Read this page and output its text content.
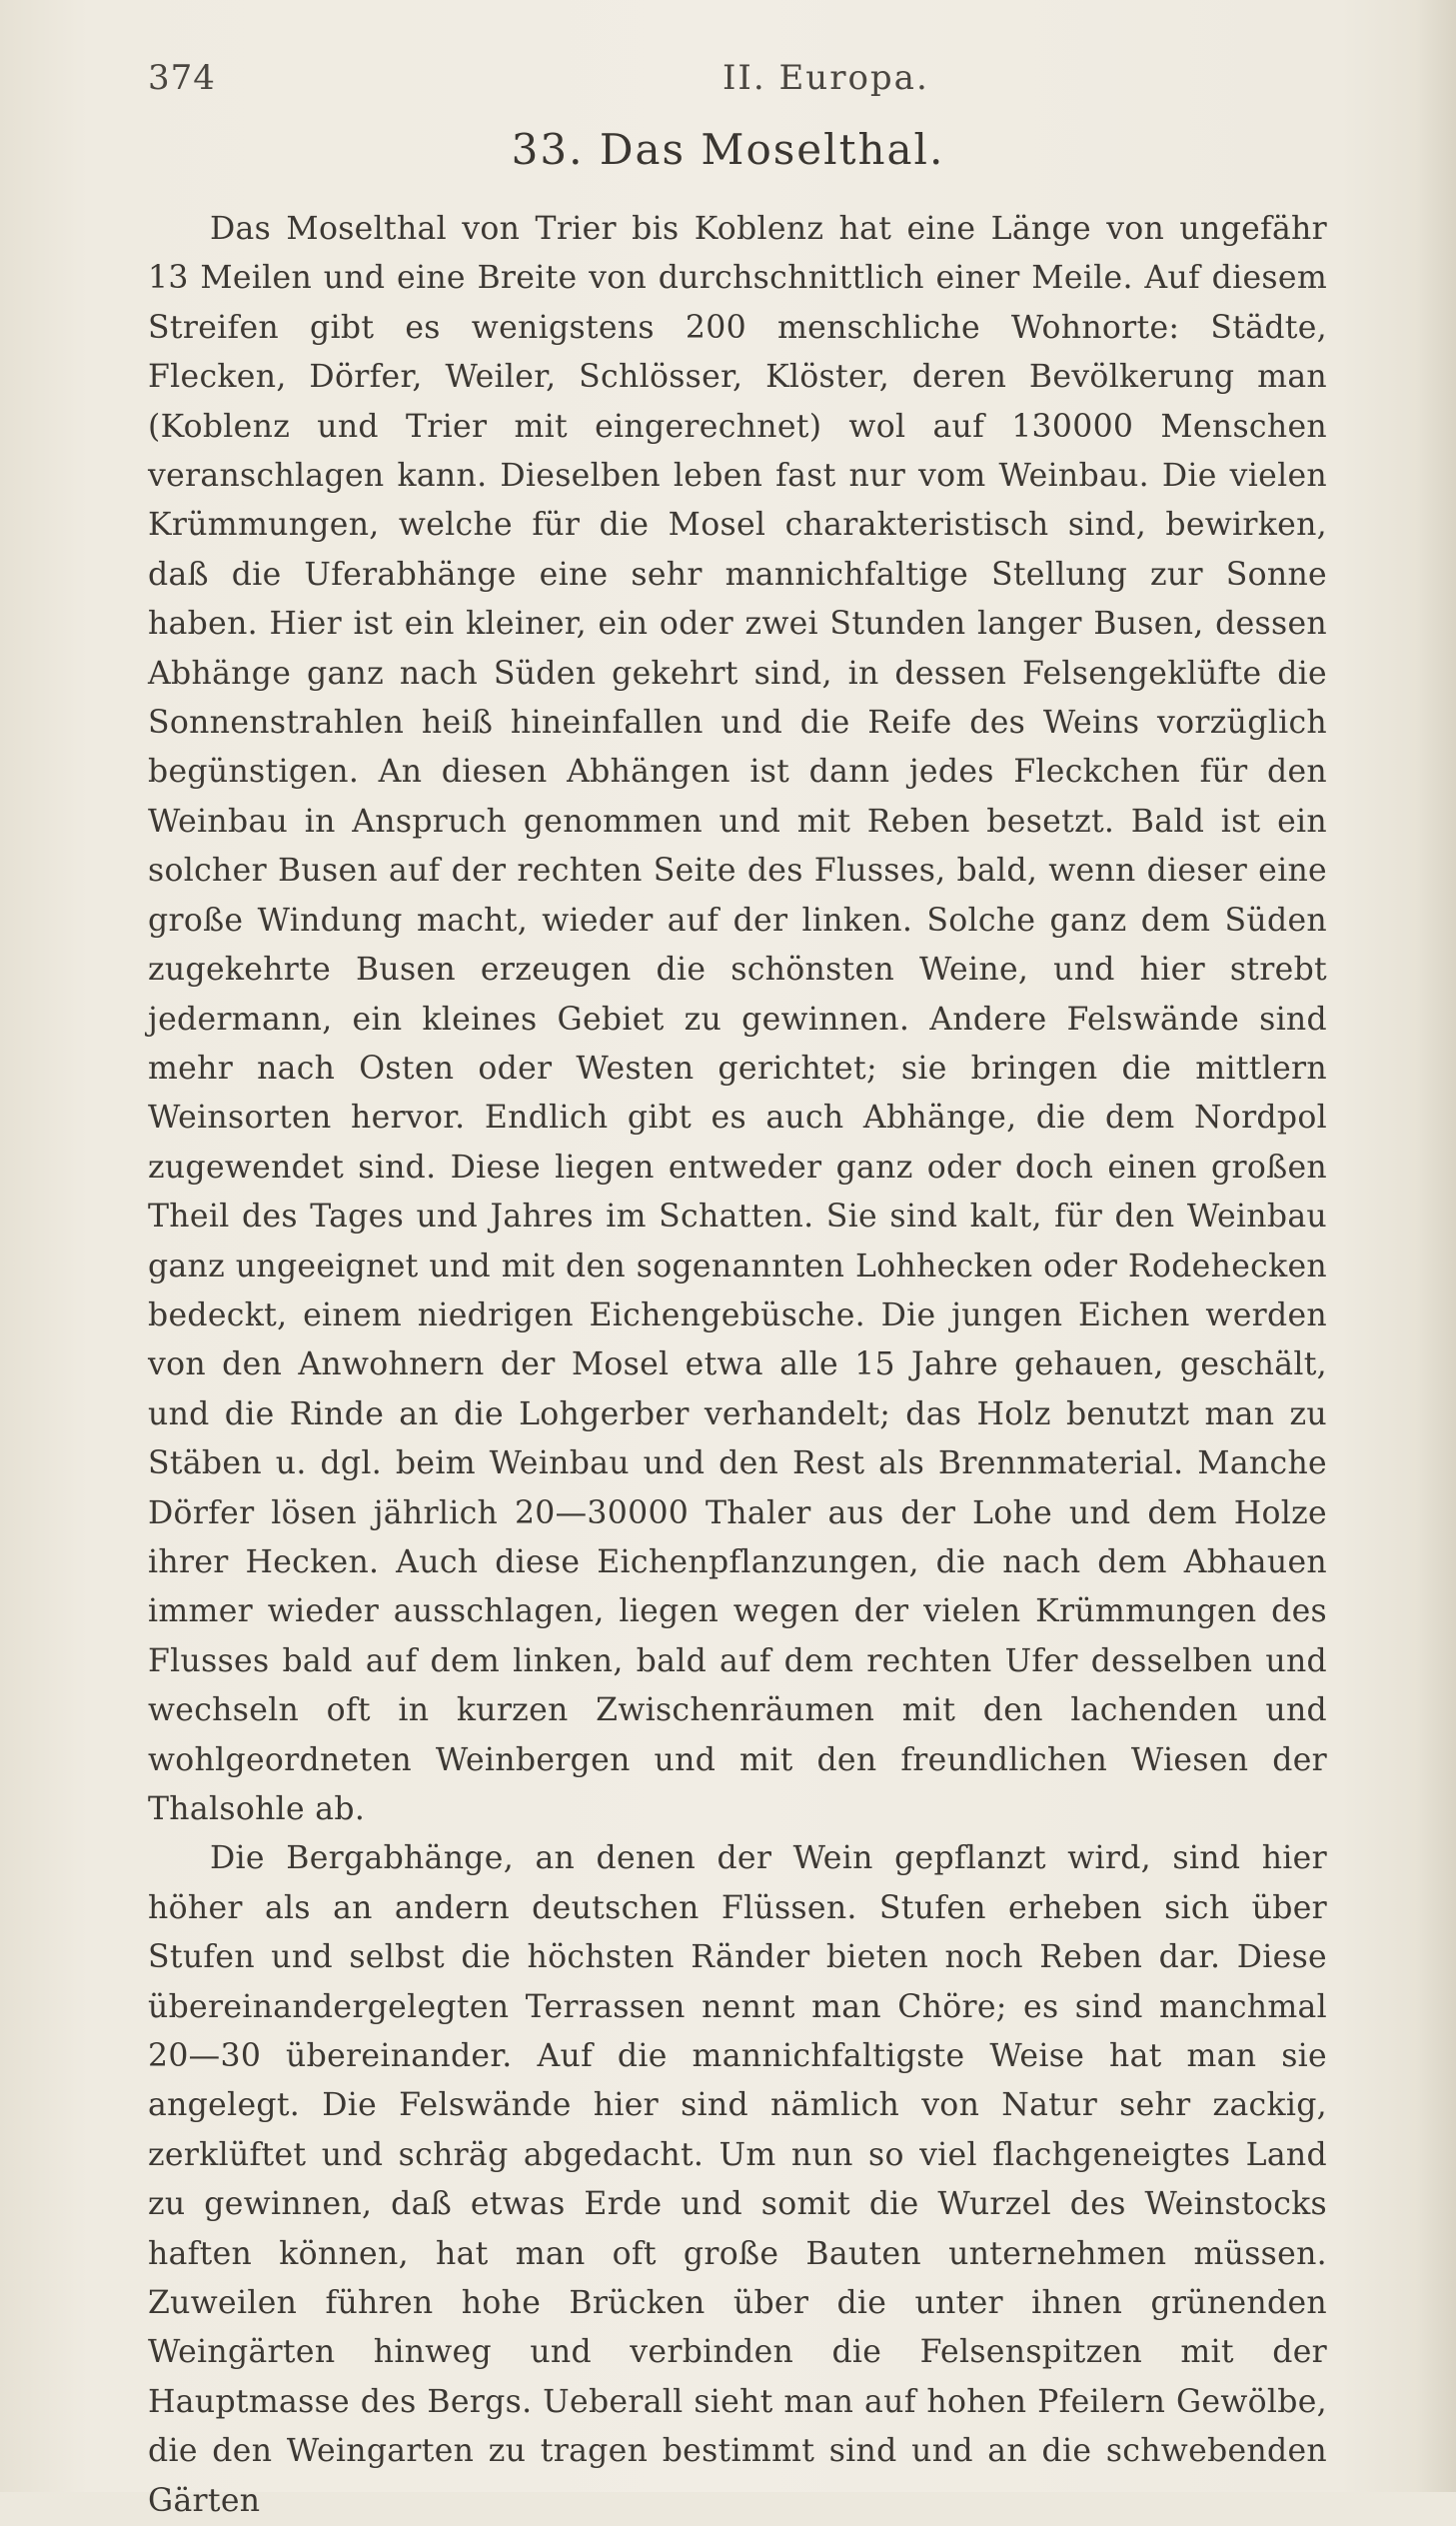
374	II. Europa.
33. Das Moselthal.

Das Moselthal von Trier bis Koblenz hat eine Länge von ungefähr 13 Meilen und eine Breite von durchschnittlich einer Meile. Auf diesem Streifen gibt es wenigstens 200 menschliche Wohnorte: Städte, Flecken, Dörfer, Weiler, Schlösser, Klöster, deren Bevölkerung man (Koblenz und Trier mit eingerechnet) wol auf 130000 Menschen veranschlagen kann. Dieselben leben fast nur vom Weinbau. Die vielen Krümmungen, welche für die Mosel charakteristisch sind, bewirken, daß die Uferabhänge eine sehr mannichfaltige Stellung zur Sonne haben. Hier ist ein kleiner, ein oder zwei Stunden langer Busen, dessen Abhänge ganz nach Süden gekehrt sind, in dessen Felsengeklüfte die Sonnenstrahlen heiß hineinfallen und die Reife des Weins vorzüglich begünstigen. An diesen Abhängen ist dann jedes Fleckchen für den Weinbau in Anspruch genommen und mit Reben besetzt. Bald ist ein solcher Busen auf der rechten Seite des Flusses, bald, wenn dieser eine große Windung macht, wieder auf der linken. Solche ganz dem Süden zugekehrte Busen erzeugen die schönsten Weine, und hier strebt jedermann, ein kleines Gebiet zu gewinnen. Andere Felswände sind mehr nach Osten oder Westen gerichtet; sie bringen die mittlern Weinsorten hervor. Endlich gibt es auch Abhänge, die dem Nordpol zugewendet sind. Diese liegen entweder ganz oder doch einen großen Theil des Tages und Jahres im Schatten. Sie sind kalt, für den Weinbau ganz ungeeignet und mit den sogenannten Lohhecken oder Rodehecken bedeckt, einem niedrigen Eichengebüsche. Die jungen Eichen werden von den Anwohnern der Mosel etwa alle 15 Jahre gehauen, geschält, und die Rinde an die Lohgerber verhandelt; das Holz benutzt man zu Stäben u. dgl. beim Weinbau und den Rest als Brennmaterial. Manche Dörfer lösen jährlich 20—30000 Thaler aus der Lohe und dem Holze ihrer Hecken. Auch diese Eichenpflanzungen, die nach dem Abhauen immer wieder ausschlagen, liegen wegen der vielen Krümmungen des Flusses bald auf dem linken, bald auf dem rechten Ufer desselben und wechseln oft in kurzen Zwischenräumen mit den lachenden und wohlgeordneten Weinbergen und mit den freundlichen Wiesen der Thalsohle ab.

Die Bergabhänge, an denen der Wein gepflanzt wird, sind hier höher als an andern deutschen Flüssen. Stufen erheben sich über Stufen und selbst die höchsten Ränder bieten noch Reben dar. Diese übereinandergelegten Terrassen nennt man Chöre; es sind manchmal 20—30 übereinander. Auf die mannichfaltigste Weise hat man sie angelegt. Die Felswände hier sind nämlich von Natur sehr zackig, zerklüftet und schräg abgedacht. Um nun so viel flachgeneigtes Land zu gewinnen, daß etwas Erde und somit die Wurzel des Weinstocks haften können, hat man oft große Bauten unternehmen müssen. Zuweilen führen hohe Brücken über die unter ihnen grünenden Weingärten hinweg und verbinden die Felsenspitzen mit der Hauptmasse des Bergs. Ueberall sieht man auf hohen Pfeilern Gewölbe, die den Weingarten zu tragen bestimmt sind und an die schwebenden Gärten
